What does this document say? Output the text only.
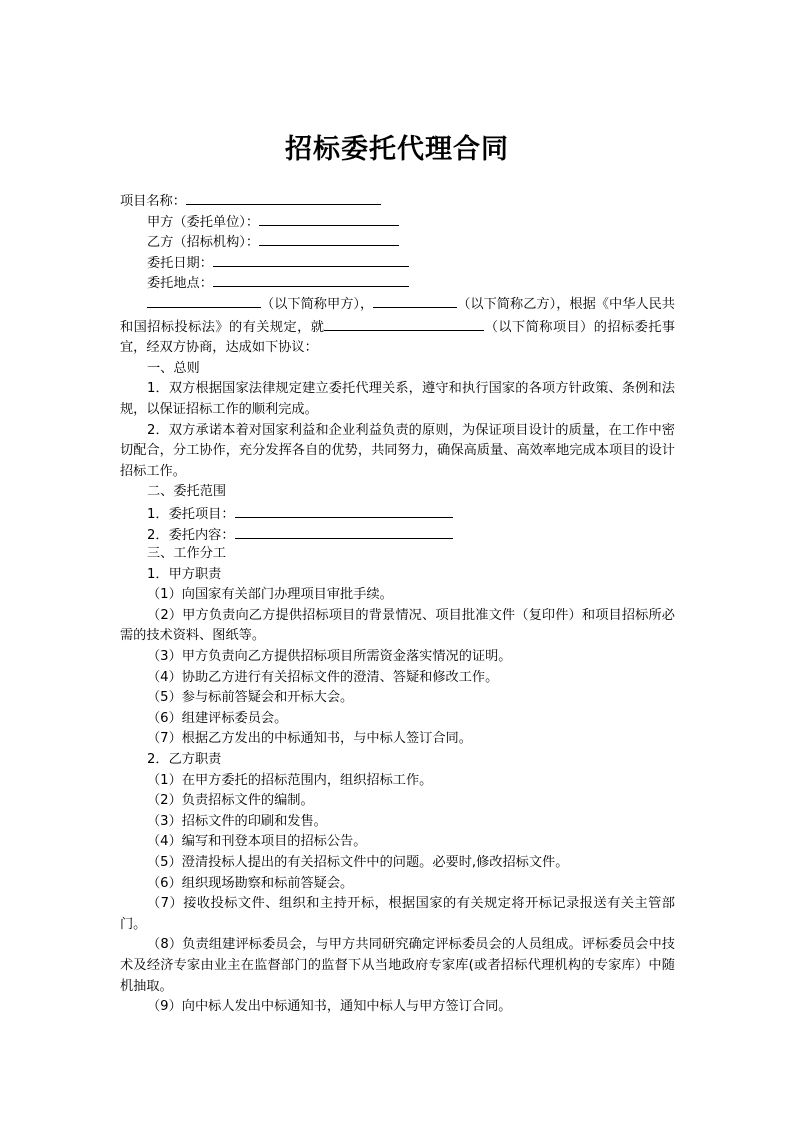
招标委托代理合同
项目名称：
甲方（委托单位）：
乙方（招标机构）：
委托日期：
委托地点：
（以下简称甲方），	（以下简称乙方），根据《中华人民共和国招标投标法》的有关规定，就	（以下简称项目）的招标委托事宜，经双方协商，达成如下协议：
一、总则
1．双方根据国家法律规定建立委托代理关系，遵守和执行国家的各项方针政策、条例和法规，以保证招标工作的顺利完成。
2．双方承诺本着对国家利益和企业利益负责的原则，为保证项目设计的质量，在工作中密切配合，分工协作，充分发挥各自的优势，共同努力，确保高质量、高效率地完成本项目的设计招标工作。
二、委托范围
1．委托项目：
2．委托内容：
三、工作分工
1．甲方职责
（1）向国家有关部门办理项目审批手续。
（2）甲方负责向乙方提供招标项目的背景情况、项目批准文件（复印件）和项目招标所必需的技术资料、图纸等。
（3）甲方负责向乙方提供招标项目所需资金落实情况的证明。
（4）协助乙方进行有关招标文件的澄清、答疑和修改工作。
（5）参与标前答疑会和开标大会。
（6）组建评标委员会。
（7）根据乙方发出的中标通知书，与中标人签订合同。
2．乙方职责
（1）在甲方委托的招标范围内，组织招标工作。
（2）负责招标文件的编制。
（3）招标文件的印刷和发售。
（4）编写和刊登本项目的招标公告。
（5）澄清投标人提出的有关招标文件中的问题。必要时,修改招标文件。
（6）组织现场勘察和标前答疑会。
（7）接收投标文件、组织和主持开标，根据国家的有关规定将开标记录报送有关主管部门。
（8）负责组建评标委员会，与甲方共同研究确定评标委员会的人员组成。评标委员会中技术及经济专家由业主在监督部门的监督下从当地政府专家库(或者招标代理机构的专家库）中随机抽取。
（9）向中标人发出中标通知书，通知中标人与甲方签订合同。
